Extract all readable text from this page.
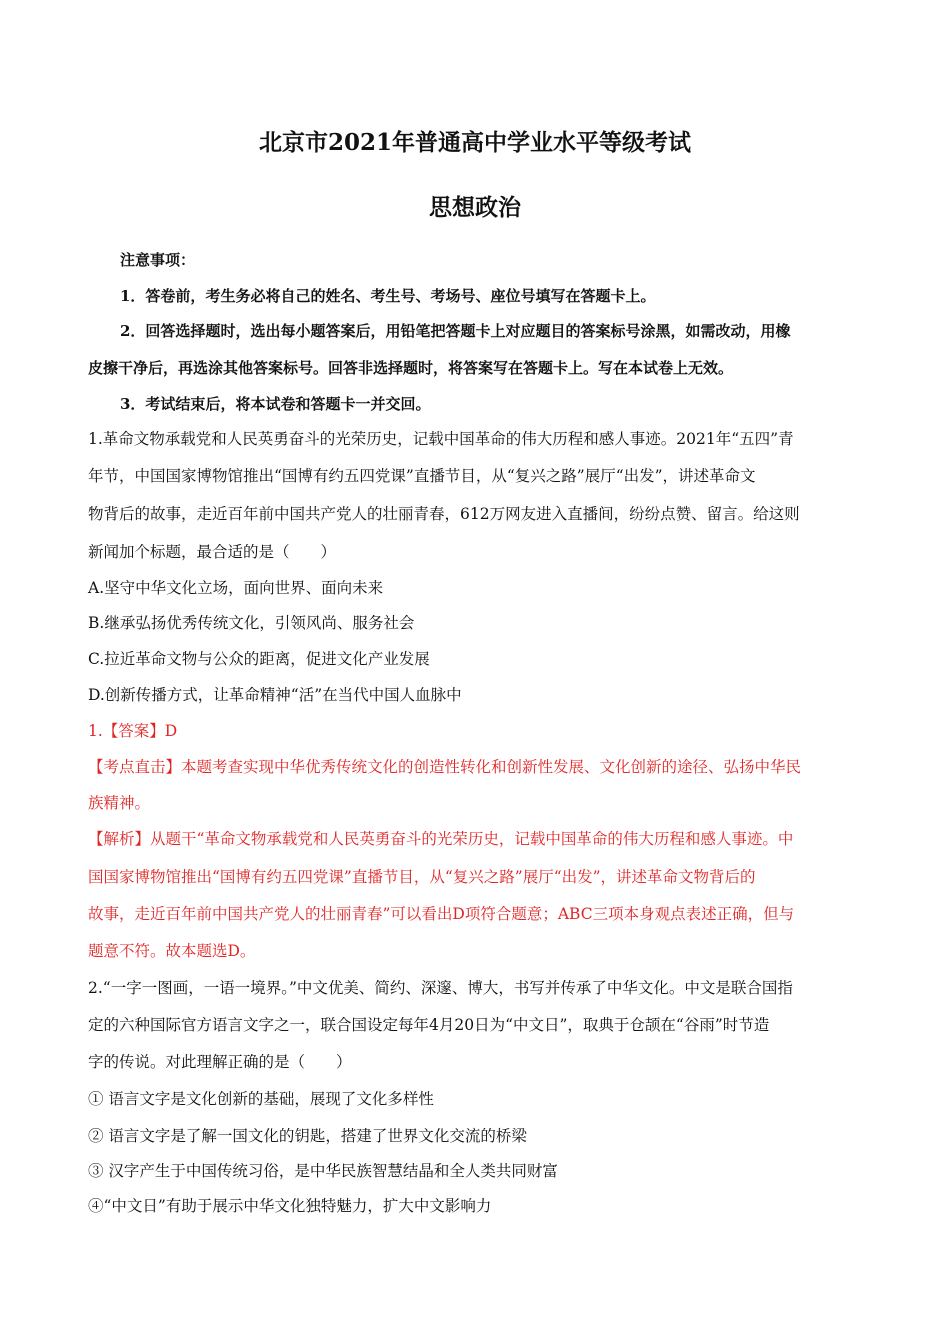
北京市2021年普通高中学业水平等级考试
思想政治
注意事项：
1．答卷前，考生务必将自己的姓名、考生号、考场号、座位号填写在答题卡上。
2．回答选择题时，选出每小题答案后，用铅笔把答题卡上对应题目的答案标号涂黑，如需改动，用橡
皮擦干净后，再选涂其他答案标号。回答非选择题时，将答案写在答题卡上。写在本试卷上无效。
3．考试结束后，将本试卷和答题卡一并交回。
1.革命文物承载党和人民英勇奋斗的光荣历史，记载中国革命的伟大历程和感人事迹。2021年“五四”青
年节，中国国家博物馆推出“国博有约五四党课”直播节目，从“复兴之路”展厅“出发”，讲述革命文
物背后的故事，走近百年前中国共产党人的壮丽青春，612万网友进入直播间，纷纷点赞、留言。给这则
新闻加个标题，最合适的是（　　）
A.坚守中华文化立场，面向世界、面向未来
B.继承弘扬优秀传统文化，引领风尚、服务社会
C.拉近革命文物与公众的距离，促进文化产业发展
D.创新传播方式，让革命精神“活”在当代中国人血脉中
1.【答案】D
【考点直击】本题考查实现中华优秀传统文化的创造性转化和创新性发展、文化创新的途径、弘扬中华民
族精神。
【解析】从题干“革命文物承载党和人民英勇奋斗的光荣历史，记载中国革命的伟大历程和感人事迹。中
国国家博物馆推出“国博有约五四党课”直播节目，从“复兴之路”展厅“出发”，讲述革命文物背后的
故事，走近百年前中国共产党人的壮丽青春”可以看出D项符合题意；ABC三项本身观点表述正确，但与
题意不符。故本题选D。
2.“一字一图画，一语一境界。”中文优美、简约、深邃、博大，书写并传承了中华文化。中文是联合国指
定的六种国际官方语言文字之一，联合国设定每年4月20日为“中文日”，取典于仓颉在“谷雨”时节造
字的传说。对此理解正确的是（　　）
① 语言文字是文化创新的基础，展现了文化多样性
② 语言文字是了解一国文化的钥匙，搭建了世界文化交流的桥梁
③ 汉字产生于中国传统习俗，是中华民族智慧结晶和全人类共同财富
④“中文日”有助于展示中华文化独特魅力，扩大中文影响力
